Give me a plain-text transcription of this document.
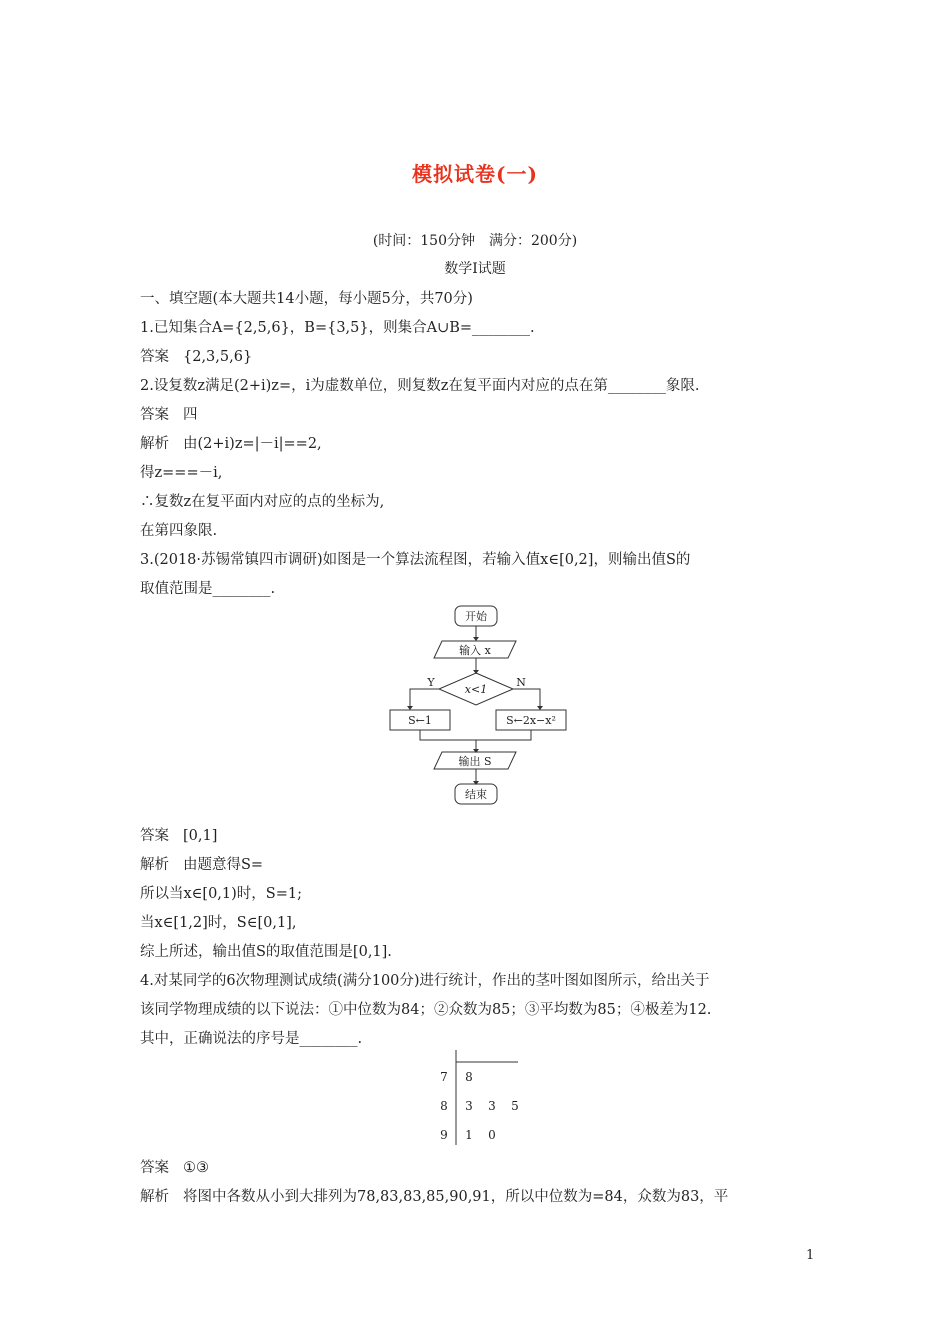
模拟试卷(一)
(时间：150分钟　满分：200分)
数学Ⅰ试题
一、填空题(本大题共14小题，每小题5分，共70分)
1.已知集合A={2,5,6}，B={3,5}，则集合A∪B=________.
答案 {2,3,5,6}
2.设复数z满足(2+i)z=，i为虚数单位，则复数z在复平面内对应的点在第________象限.
答案 四
解析 由(2+i)z=|－i|==2,
得z===－i,
∴复数z在复平面内对应的点的坐标为,
在第四象限.
3.(2018·苏锡常镇四市调研)如图是一个算法流程图，若输入值x∈[0,2]，则输出值S的
取值范围是________.
开始
输入 x
x<1
Y	N
S←1	S←2x−x²
输出 S
结束
答案 [0,1]
解析 由题意得S=
所以当x∈[0,1)时，S=1;
当x∈[1,2]时，S∈[0,1],
综上所述，输出值S的取值范围是[0,1].
4.对某同学的6次物理测试成绩(满分100分)进行统计，作出的茎叶图如图所示，给出关于
该同学物理成绩的以下说法：①中位数为84；②众数为85；③平均数为85；④极差为12.
其中，正确说法的序号是________.
7 8
8 3 3 5
9 1 0
答案 ①③
解析 将图中各数从小到大排列为78,83,83,85,90,91，所以中位数为=84，众数为83，平
1
